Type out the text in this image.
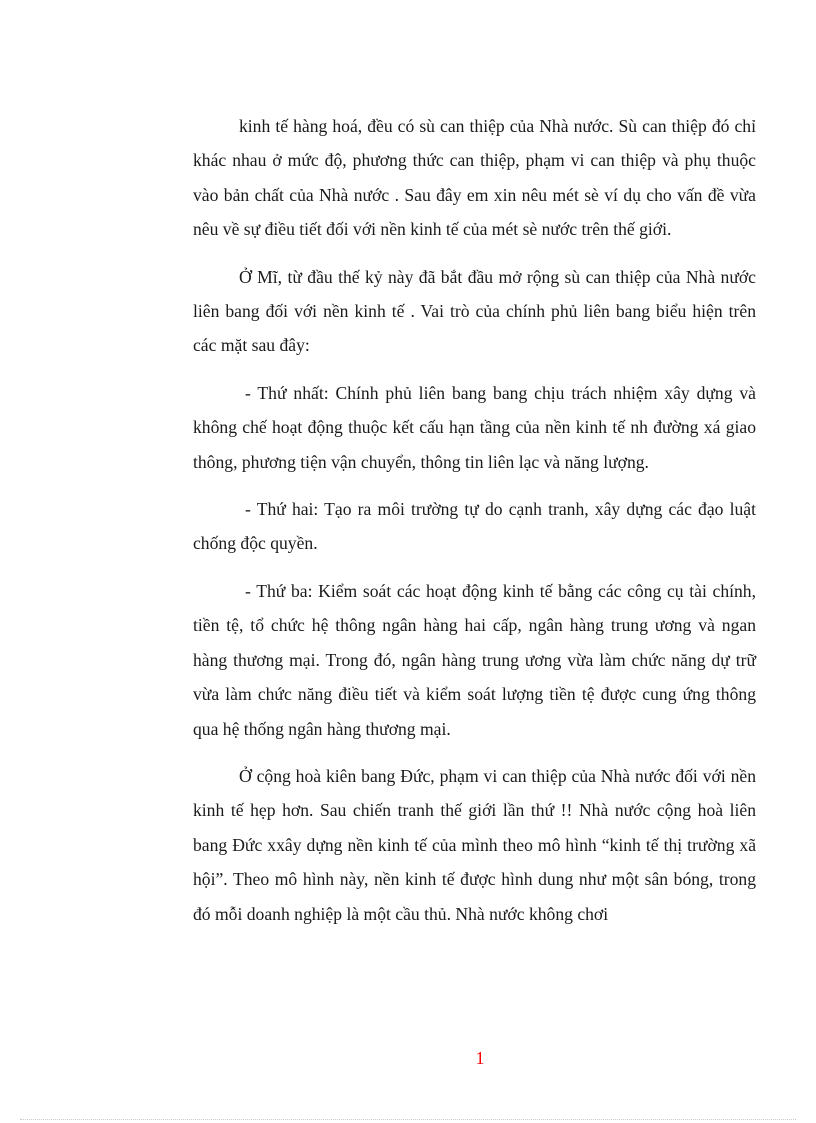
kinh tế hàng hoá, đều có sù can thiệp của Nhà nước. Sù can thiệp đó chỉ khác nhau ở mức độ, phương thức can thiệp, phạm vi can thiệp và phụ thuộc vào bản chất của Nhà nước . Sau đây em xin nêu mét sè ví dụ cho vấn đề vừa nêu về sự điều tiết đối với nền kinh tế của mét sè nước trên thế giới.

Ở Mĩ, từ đầu thế kỷ này đã bắt đầu mở rộng sù can thiệp của Nhà nước liên bang đối với nền kinh tế . Vai trò của chính phủ liên bang biểu hiện trên các mặt sau đây:

- Thứ nhất: Chính phủ liên bang bang chịu trách nhiệm xây dựng và không chế hoạt động thuộc kết cấu hạn tầng của nền kinh tế nh đường xá giao thông, phương tiện vận chuyển, thông tin liên lạc và năng lượng.

- Thứ hai: Tạo ra môi trường tự do cạnh tranh, xây dựng các đạo luật chống độc quyền.

- Thứ ba: Kiểm soát các hoạt động kinh tế bằng các công cụ tài chính, tiền tệ, tổ chức hệ thông ngân hàng hai cấp, ngân hàng trung ương và ngan hàng thương mại. Trong đó, ngân hàng trung ương vừa làm chức năng dự trữ vừa làm chức năng điều tiết và kiểm soát lượng tiền tệ được cung ứng thông qua hệ thống ngân hàng thương mại.

Ở cộng hoà kiên bang Đức, phạm vi can thiệp của Nhà nước đối với nền kinh tế hẹp hơn. Sau chiến tranh thế giới lần thứ !! Nhà nước cộng hoà liên bang Đức xxây dựng nền kinh tế của mình theo mô hình “kinh tế thị trường xã hội”. Theo mô hình này, nền kinh tế được hình dung như một sân bóng, trong đó mỗi doanh nghiệp là một cầu thủ. Nhà nước không chơi

1
